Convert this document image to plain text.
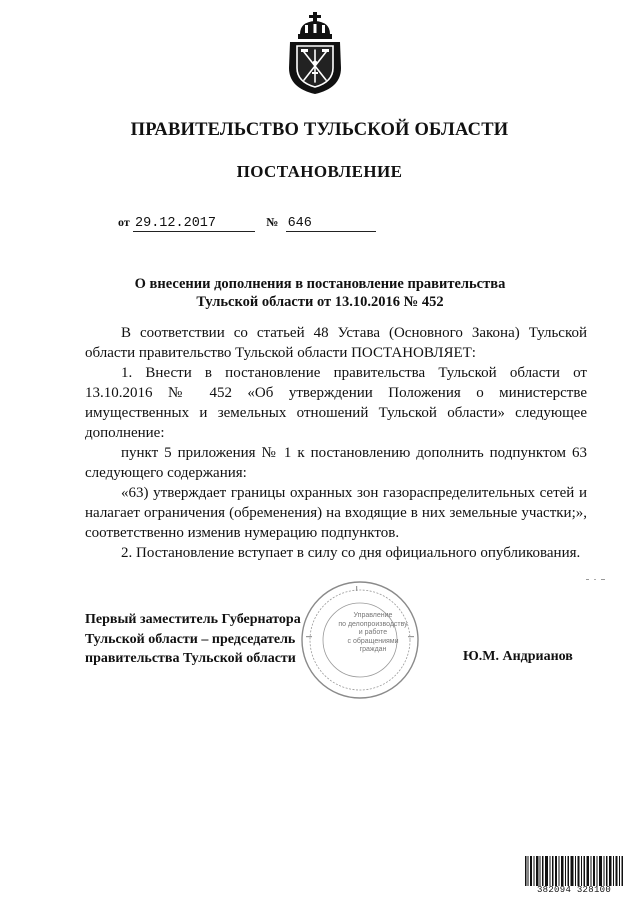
ПРАВИТЕЛЬСТВО ТУЛЬСКОЙ ОБЛАСТИ
ПОСТАНОВЛЕНИЕ
от 29.12.2017	№ 646
О внесении дополнения в постановление правительства
Тульской области от 13.10.2016 № 452

В соответствии со статьей 48 Устава (Основного Закона) Тульской области правительство Тульской области ПОСТАНОВЛЯЕТ:

1. Внести в постановление правительства Тульской области от 13.10.2016 № 452 «Об утверждении Положения о министерстве имущественных и земельных отношений Тульской области» следующее дополнение:

пункт 5 приложения № 1 к постановлению дополнить подпунктом 63 следующего содержания:

«63) утверждает границы охранных зон газораспределительных сетей и налагает ограничения (обременения) на входящие в них земельные участки;», соответственно изменив нумерацию подпунктов.

2. Постановление вступает в силу со дня официального опубликования.

Управление
по делопроизводству
и работе
с обращениями
граждан
Первый заместитель Губернатора
Тульской области – председатель
правительства Тульской области	Ю.М. Андрианов
382094 328100
